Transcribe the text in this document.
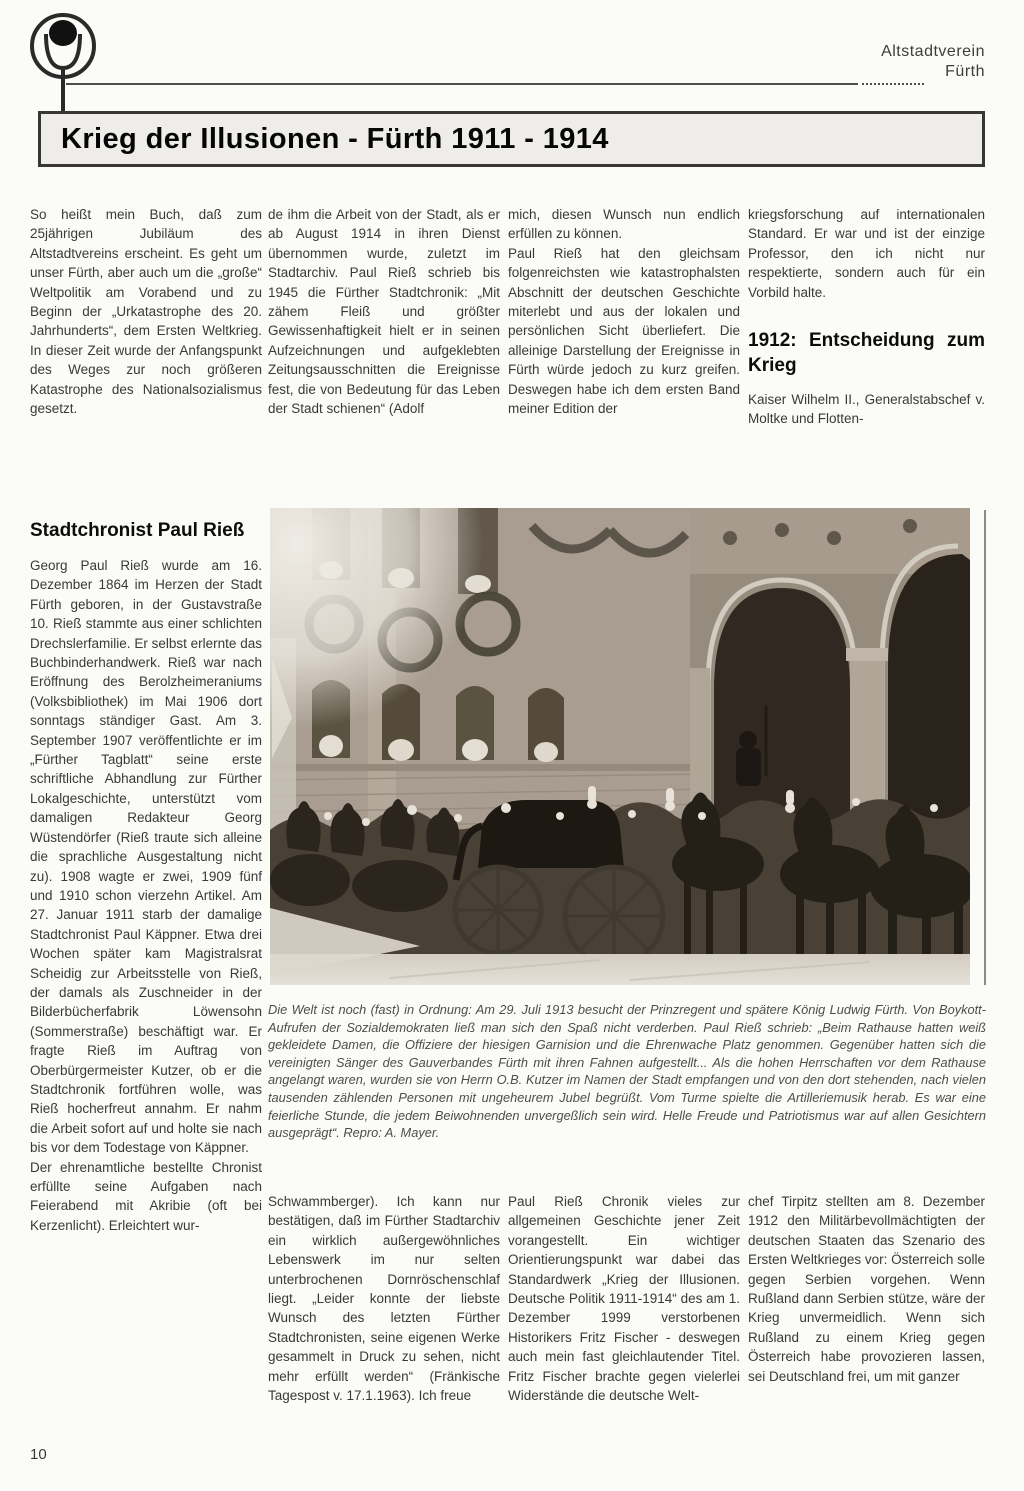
Altstadtverein
Fürth
Krieg der Illusionen - Fürth 1911 - 1914

So heißt mein Buch, daß zum 25jährigen Jubiläum des Altstadtvereins erscheint. Es geht um unser Fürth, aber auch um die „große“ Weltpolitik am Vorabend und zu Beginn der „Urkatastrophe des 20. Jahrhunderts“, dem Ersten Weltkrieg. In dieser Zeit wurde der Anfangspunkt des Weges zur noch größeren Katastrophe des Nationalsozialismus gesetzt.

de ihm die Arbeit von der Stadt, als er ab August 1914 in ihren Dienst übernommen wurde, zuletzt im Stadtarchiv. Paul Rieß schrieb bis 1945 die Fürther Stadtchronik: „Mit zähem Fleiß und größter Gewissenhaftigkeit hielt er in seinen Aufzeichnungen und aufgeklebten Zeitungsausschnitten die Ereignisse fest, die von Bedeutung für das Leben der Stadt schienen“ (Adolf

mich, diesen Wunsch nun endlich erfüllen zu können.

Paul Rieß hat den gleichsam folgenreichsten wie katastrophalsten Abschnitt der deutschen Geschichte miterlebt und aus der lokalen und persönlichen Sicht überliefert. Die alleinige Darstellung der Ereignisse in Fürth würde jedoch zu kurz greifen. Deswegen habe ich dem ersten Band meiner Edition der

kriegsforschung auf internationalen Standard. Er war und ist der einzige Professor, den ich nicht nur respektierte, sondern auch für ein Vorbild halte.

1912: Entscheidung zum Krieg

Kaiser Wilhelm II., Generalstabschef v. Moltke und Flotten-

Stadtchronist Paul Rieß

Georg Paul Rieß wurde am 16. Dezember 1864 im Herzen der Stadt Fürth geboren, in der Gustavstraße 10. Rieß stammte aus einer schlichten Drechslerfamilie. Er selbst erlernte das Buchbinderhandwerk. Rieß war nach Eröffnung des Berolzheimeraniums (Volksbibliothek) im Mai 1906 dort sonntags ständiger Gast. Am 3. September 1907 veröffentlichte er im „Fürther Tagblatt“ seine erste schriftliche Abhandlung zur Fürther Lokalgeschichte, unterstützt vom damaligen Redakteur Georg Wüstendörfer (Rieß traute sich alleine die sprachliche Ausgestaltung nicht zu). 1908 wagte er zwei, 1909 fünf und 1910 schon vierzehn Artikel. Am 27. Januar 1911 starb der damalige Stadtchronist Paul Käppner. Etwa drei Wochen später kam Magistralsrat Scheidig zur Arbeitsstelle von Rieß, der damals als Zuschneider in der Bilderbücherfabrik Löwensohn (Sommerstraße) beschäftigt war. Er fragte Rieß im Auftrag von Oberbürgermeister Kutzer, ob er die Stadtchronik fortführen wolle, was Rieß hocherfreut annahm. Er nahm die Arbeit sofort auf und holte sie nach bis vor dem Todestage von Käppner.

Der ehrenamtliche bestellte Chronist erfüllte seine Aufgaben nach Feierabend mit Akribie (oft bei Kerzenlicht). Erleichtert wur-

Die Welt ist noch (fast) in Ordnung: Am 29. Juli 1913 besucht der Prinzregent und spätere König Ludwig Fürth. Von Boykott-Aufrufen der Sozialdemokraten ließ man sich den Spaß nicht verderben. Paul Rieß schrieb: „Beim Rathause hatten weiß gekleidete Damen, die Offiziere der hiesigen Garnision und die Ehrenwache Platz genommen. Gegenüber hatten sich die vereinigten Sänger des Gauverbandes Fürth mit ihren Fahnen aufgestellt... Als die hohen Herrschaften vor dem Rathause angelangt waren, wurden sie von Herrn O.B. Kutzer im Namen der Stadt empfangen und von den dort stehenden, nach vielen tausenden zählenden Personen mit ungeheurem Jubel begrüßt. Vom Turme spielte die Artilleriemusik herab. Es war eine feierliche Stunde, die jedem Beiwohnenden unvergeßlich sein wird. Helle Freude und Patriotismus war auf allen Gesichtern ausgeprägt“. Repro: A. Mayer.

Schwammberger). Ich kann nur bestätigen, daß im Fürther Stadtarchiv ein wirklich außergewöhnliches Lebenswerk im nur selten unterbrochenen Dornröschenschlaf liegt. „Leider konnte der liebste Wunsch des letzten Fürther Stadtchronisten, seine eigenen Werke gesammelt in Druck zu sehen, nicht mehr erfüllt werden“ (Fränkische Tagespost v. 17.1.1963). Ich freue

Paul Rieß Chronik vieles zur allgemeinen Geschichte jener Zeit vorangestellt. Ein wichtiger Orientierungspunkt war dabei das Standardwerk „Krieg der Illusionen. Deutsche Politik 1911-1914“ des am 1. Dezember 1999 verstorbenen Historikers Fritz Fischer - deswegen auch mein fast gleichlautender Titel. Fritz Fischer brachte gegen vielerlei Widerstände die deutsche Welt-

chef Tirpitz stellten am 8. Dezember 1912 den Militärbevollmächtigten der deutschen Staaten das Szenario des Ersten Weltkrieges vor: Österreich solle gegen Serbien vorgehen. Wenn Rußland dann Serbien stütze, wäre der Krieg unvermeidlich. Wenn sich Rußland zu einem Krieg gegen Österreich habe provozieren lassen, sei Deutschland frei, um mit ganzer

10
